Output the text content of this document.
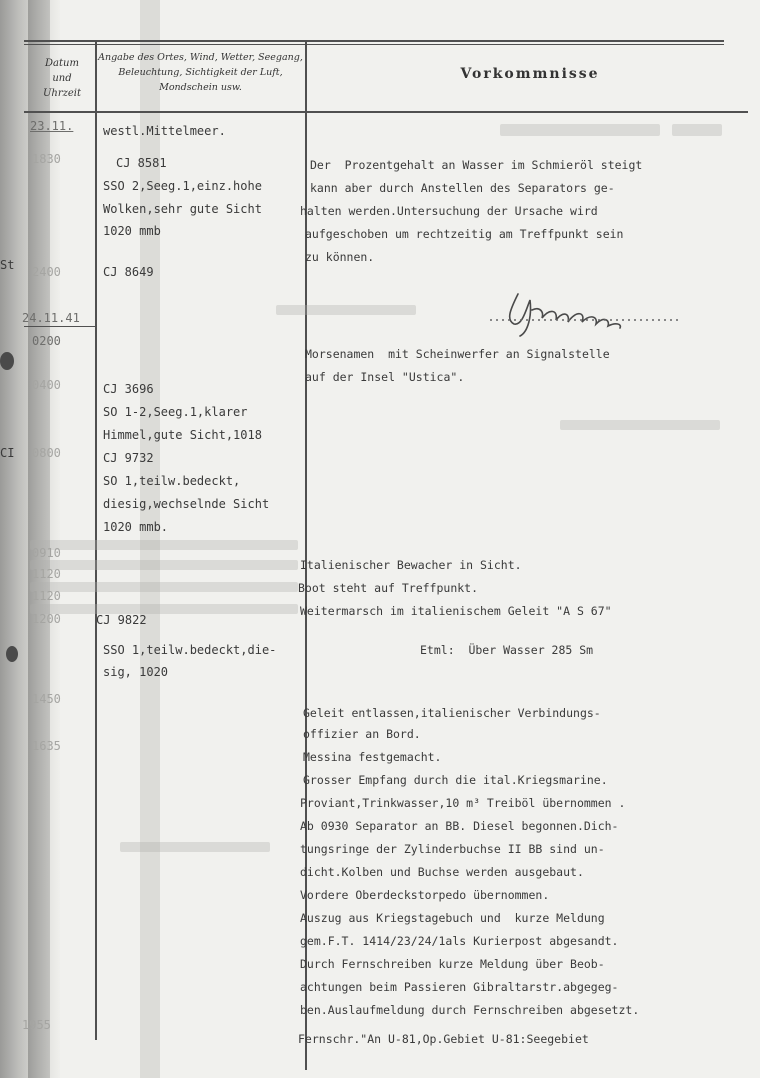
Datum und Uhrzeit
Angabe des Ortes, Wind, Wetter, Seegang, Beleuchtung, Sichtigkeit der Luft, Mondschein usw.
Vorkommnisse
St
CI
23.11.
1830
2400
24.11.41
0200
0400
0800
0910
1120
1120
1200
1450
1635
1955
westl.Mittelmeer.
CJ 8581
SSO 2,Seeg.1,einz.hohe
Wolken,sehr gute Sicht
1020 mmb
CJ 8649
CJ 3696
SO 1-2,Seeg.1,klarer
Himmel,gute Sicht,1018
CJ 9732
SO 1,teilw.bedeckt,
diesig,wechselnde Sicht
1020 mmb.
CJ 9822
SSO 1,teilw.bedeckt,die-
sig, 1020
Der  Prozentgehalt an Wasser im Schmieröl steigt
kann aber durch Anstellen des Separators ge-
halten werden.Untersuchung der Ursache wird
aufgeschoben um rechtzeitig am Treffpunkt sein
zu können.
Morsenamen  mit Scheinwerfer an Signalstelle
auf der Insel "Ustica".
Italienischer Bewacher in Sicht.
Boot steht auf Treffpunkt.
Weitermarsch im italienischem Geleit "A S 67"
Etml:  Über Wasser 285 Sm
Geleit entlassen,italienischer Verbindungs-
offizier an Bord.
Messina festgemacht.
Grosser Empfang durch die ital.Kriegsmarine.
Proviant,Trinkwasser,10 m³ Treiböl übernommen .
Ab 0930 Separator an BB. Diesel begonnen.Dich-
tungsringe der Zylinderbuchse II BB sind un-
dicht.Kolben und Buchse werden ausgebaut.
Vordere Oberdeckstorpedo übernommen.
Auszug aus Kriegstagebuch und  kurze Meldung
gem.F.T. 1414/23/24/1als Kurierpost abgesandt.
Durch Fernschreiben kurze Meldung über Beob-
achtungen beim Passieren Gibraltarstr.abgegeg-
ben.Auslaufmeldung durch Fernschreiben abgesetzt.
Fernschr."An U-81,Op.Gebiet U-81:Seegebiet
